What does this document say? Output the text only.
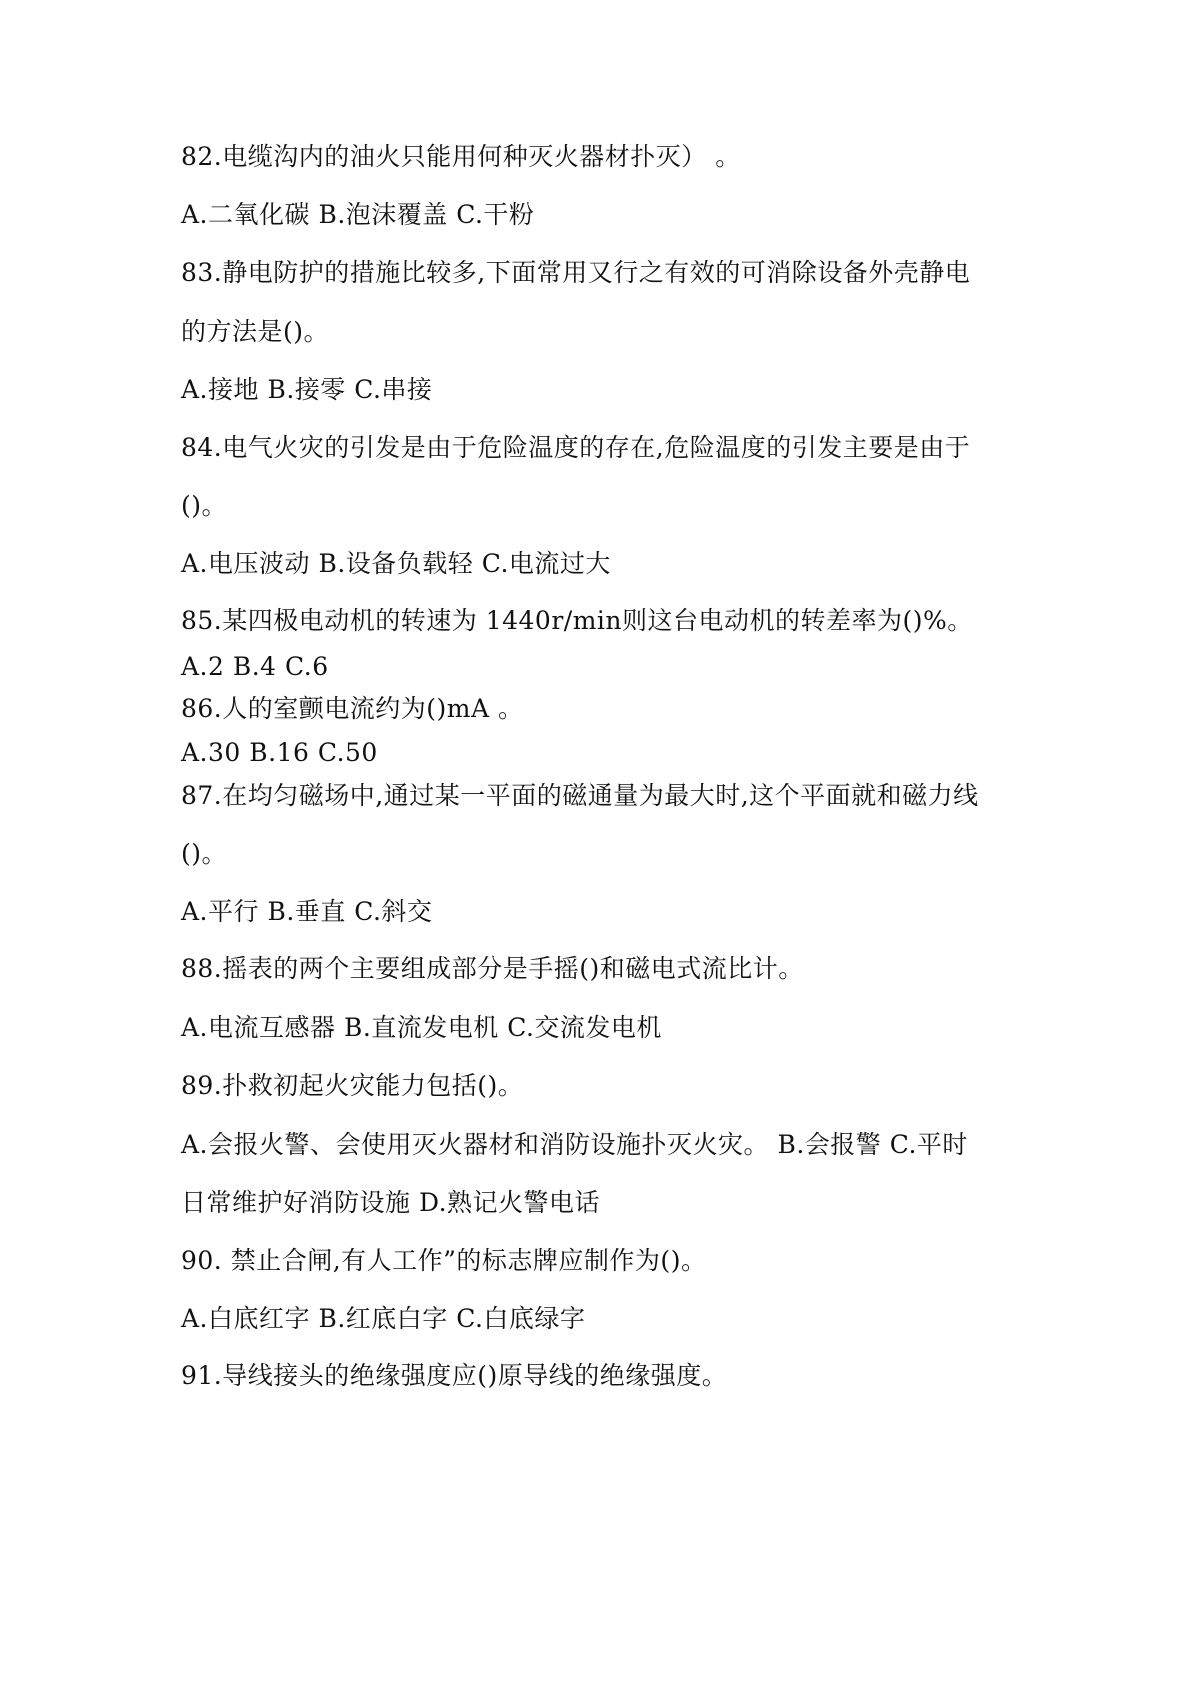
82.电缆沟内的油火只能用何种灭火器材扑灭） 。
A.二氧化碳 B.泡沫覆盖 C.干粉
83.静电防护的措施比较多,下面常用又行之有效的可消除设备外壳静电
的方法是()。
A.接地 B.接零 C.串接
84.电气火灾的引发是由于危险温度的存在,危险温度的引发主要是由于
()。
A.电压波动 B.设备负载轻 C.电流过大
85.某四极电动机的转速为 1440r/min则这台电动机的转差率为()%。
A.2 B.4 C.6
86.人的室颤电流约为()mA 。
A.30 B.16 C.50
87.在均匀磁场中,通过某一平面的磁通量为最大时,这个平面就和磁力线
()。
A.平行 B.垂直 C.斜交
88.摇表的两个主要组成部分是手摇()和磁电式流比计。
A.电流互感器 B.直流发电机 C.交流发电机
89.扑救初起火灾能力包括()。
A.会报火警、会使用灭火器材和消防设施扑灭火灾。 B.会报警 C.平时
日常维护好消防设施 D.熟记火警电话
90. 禁止合闸,有人工作”的标志牌应制作为()。
A.白底红字 B.红底白字 C.白底绿字
91.导线接头的绝缘强度应()原导线的绝缘强度。
